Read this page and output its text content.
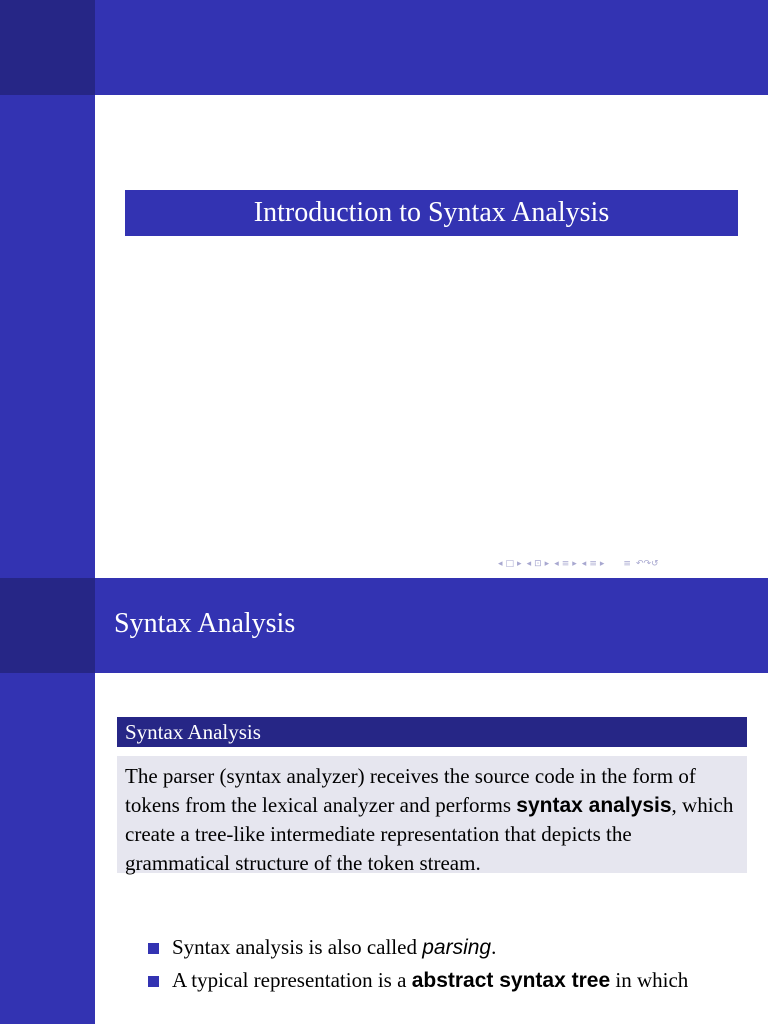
Introduction to Syntax Analysis
◂ □ ▸ ◂ ⊡ ▸ ◂ ≡ ▸ ◂ ≡ ▸ ≡ ↶↷↺
Syntax Analysis
Syntax Analysis
The parser (syntax analyzer) receives the source code in the form of tokens from the lexical analyzer and performs syntax analysis, which create a tree-like intermediate representation that depicts the grammatical structure of the token stream.
Syntax analysis is also called parsing.
A typical representation is a abstract syntax tree in which
